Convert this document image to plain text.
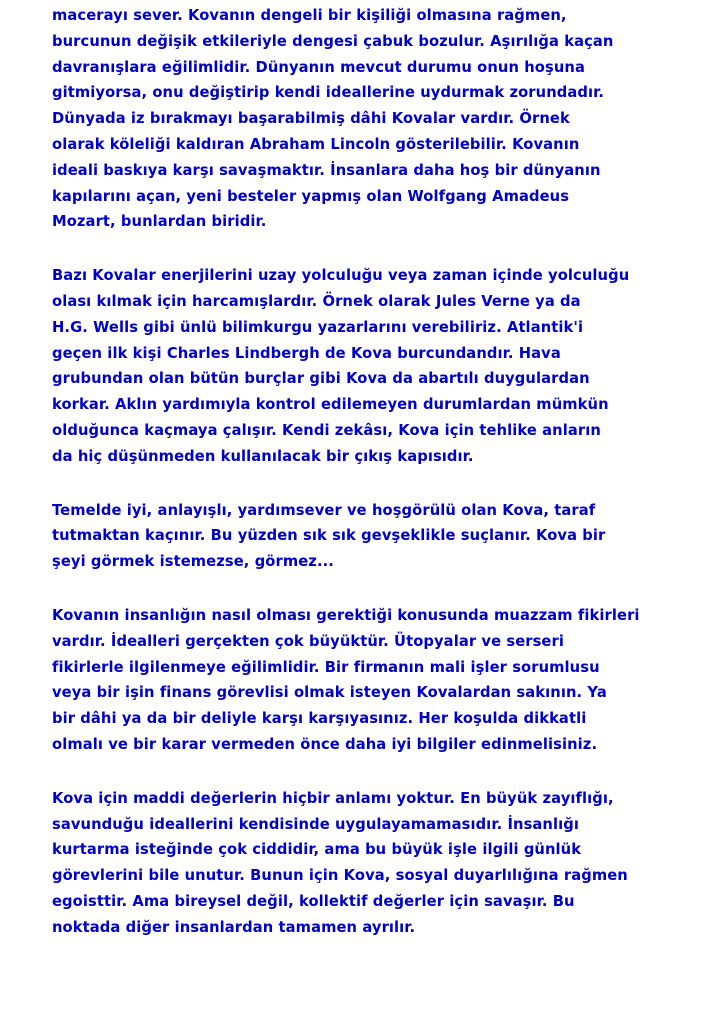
macerayı sever. Kovanın dengeli bir kişiliği olmasına rağmen,
burcunun değişik etkileriyle dengesi çabuk bozulur. Aşırılığa kaçan
davranışlara eğilimlidir. Dünyanın mevcut durumu onun hoşuna
gitmiyorsa, onu değiştirip kendi ideallerine uydurmak zorundadır.
Dünyada iz bırakmayı başarabilmiş dâhi Kovalar vardır. Örnek
olarak köleliği kaldıran Abraham Lincoln gösterilebilir. Kovanın
ideali baskıya karşı savaşmaktır. İnsanlara daha hoş bir dünyanın
kapılarını açan, yeni besteler yapmış olan Wolfgang Amadeus
Mozart, bunlardan biridir.
Bazı Kovalar enerjilerini uzay yolculuğu veya zaman içinde yolculuğu
olası kılmak için harcamışlardır. Örnek olarak Jules Verne ya da
H.G. Wells gibi ünlü bilimkurgu yazarlarını verebiliriz. Atlantik'i
geçen ilk kişi Charles Lindbergh de Kova burcundandır. Hava
grubundan olan bütün burçlar gibi Kova da abartılı duygulardan
korkar. Aklın yardımıyla kontrol edilemeyen durumlardan mümkün
olduğunca kaçmaya çalışır. Kendi zekâsı, Kova için tehlike anların
da hiç düşünmeden kullanılacak bir çıkış kapısıdır.
Temelde iyi, anlayışlı, yardımsever ve hoşgörülü olan Kova, taraf
tutmaktan kaçınır. Bu yüzden sık sık gevşeklikle suçlanır. Kova bir
şeyi görmek istemezse, görmez...
Kovanın insanlığın nasıl olması gerektiği konusunda muazzam fikirleri
vardır. İdealleri gerçekten çok büyüktür. Ütopyalar ve serseri
fikirlerle ilgilenmeye eğilimlidir. Bir firmanın mali işler sorumlusu
veya bir işin finans görevlisi olmak isteyen Kovalardan sakının. Ya
bir dâhi ya da bir deliyle karşı karşıyasınız. Her koşulda dikkatli
olmalı ve bir karar vermeden önce daha iyi bilgiler edinmelisiniz.
Kova için maddi değerlerin hiçbir anlamı yoktur. En büyük zayıflığı,
savunduğu ideallerini kendisinde uygulayamamasıdır. İnsanlığı
kurtarma isteğinde çok ciddidir, ama bu büyük işle ilgili günlük
görevlerini bile unutur. Bunun için Kova, sosyal duyarlılığına rağmen
egoisttir. Ama bireysel değil, kollektif değerler için savaşır. Bu
noktada diğer insanlardan tamamen ayrılır.
